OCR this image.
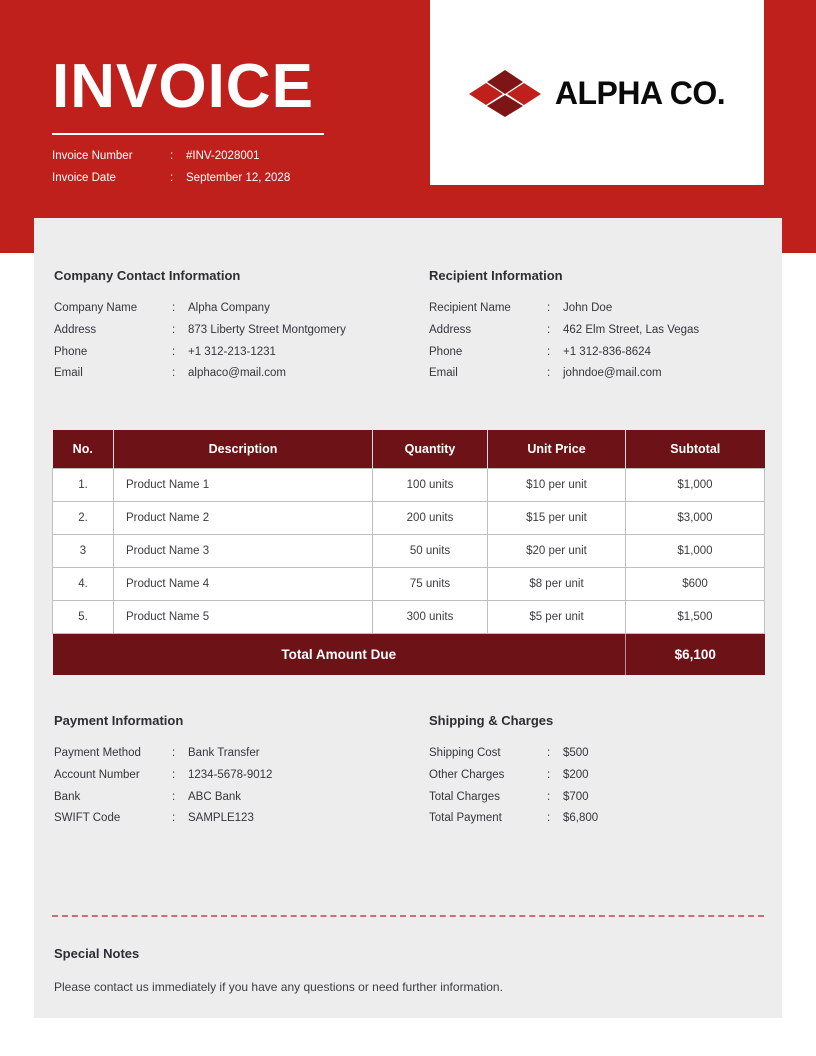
INVOICE
Invoice Number	:	#INV-2028001
Invoice Date	:	September 12, 2028
ALPHA CO.
Company Contact Information
Company Name	:	Alpha Company
Address	:	873 Liberty Street Montgomery
Phone	:	+1 312-213-1231
Email	:	alphaco@mail.com
Recipient Information
Recipient Name	:	John Doe
Address	:	462 Elm Street, Las Vegas
Phone	:	+1 312-836-8624
Email	:	johndoe@mail.com
No.	Description	Quantity	Unit Price	Subtotal
1.	Product Name 1	100 units	$10 per unit	$1,000
2.	Product Name 2	200 units	$15 per unit	$3,000
3	Product Name 3	50 units	$20 per unit	$1,000
4.	Product Name 4	75 units	$8 per unit	$600
5.	Product Name 5	300 units	$5 per unit	$1,500
Total Amount Due				$6,100
Payment Information
Payment Method	:	Bank Transfer
Account Number	:	1234-5678-9012
Bank	:	ABC Bank
SWIFT Code	:	SAMPLE123
Shipping & Charges
Shipping Cost	:	$500
Other Charges	:	$200
Total Charges	:	$700
Total Payment	:	$6,800
Special Notes
Please contact us immediately if you have any questions or need further information.
